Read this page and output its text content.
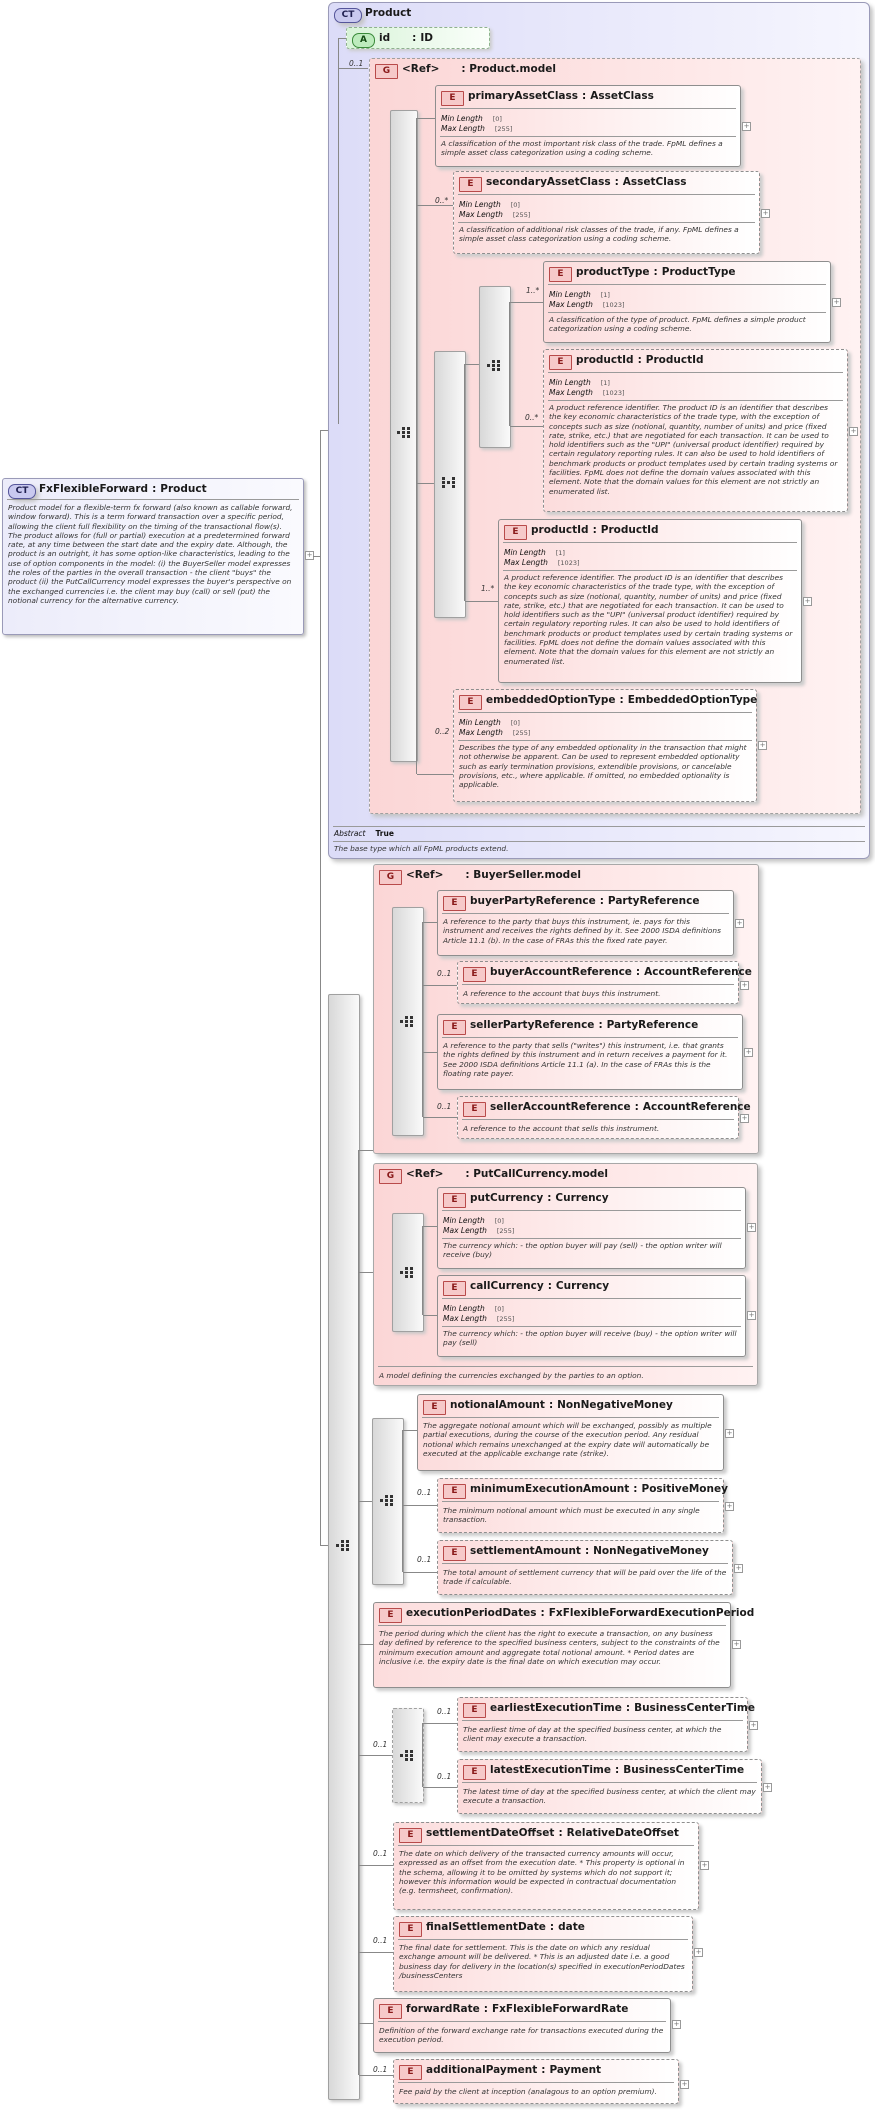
CT	FxFlexibleForward : Product
Product model for a flexible-term fx forward (also known as callable forward, window forward). This is a term forward transaction over a specific period, allowing the client full flexibility on the timing of the transactional flow(s). The product allows for (full or partial) execution at a predetermined forward rate, at any time between the start date and the expiry date. Although, the product is an outright, it has some option-like characteristics, leading to the use of option components in the model: (i) the BuyerSeller model expresses the roles of the parties in the overall transaction - the client "buys" the product (ii) the PutCallCurrency model expresses the buyer's perspective on the exchanged currencies i.e. the client may buy (call) or sell (put) the notional currency for the alternative currency.
+
CT	Product
Abstract True
The base type which all FpML products extend.
A	id : ID
0..1
G	<Ref> : Product.model
E	primaryAssetClass : AssetClass
Min Length [0]
Max Length [255]
A classification of the most important risk class of the trade. FpML defines a simple asset class categorization using a coding scheme.
+
0..*
E	secondaryAssetClass : AssetClass
Min Length [0]
Max Length [255]
A classification of additional risk classes of the trade, if any. FpML defines a simple asset class categorization using a coding scheme.
+
1..*
E	productType : ProductType
Min Length [1]
Max Length [1023]
A classification of the type of product. FpML defines a simple product categorization using a coding scheme.
+
0..*
E	productId : ProductId
Min Length [1]
Max Length [1023]
A product reference identifier. The product ID is an identifier that describes the key economic characteristics of the trade type, with the exception of concepts such as size (notional, quantity, number of units) and price (fixed rate, strike, etc.) that are negotiated for each transaction. It can be used to hold identifiers such as the "UPI" (universal product identifier) required by certain regulatory reporting rules. It can also be used to hold identifiers of benchmark products or product templates used by certain trading systems or facilities. FpML does not define the domain values associated with this element. Note that the domain values for this element are not strictly an enumerated list.
+
1..*
E	productId : ProductId
Min Length [1]
Max Length [1023]
A product reference identifier. The product ID is an identifier that describes the key economic characteristics of the trade type, with the exception of concepts such as size (notional, quantity, number of units) and price (fixed rate, strike, etc.) that are negotiated for each transaction. It can be used to hold identifiers such as the "UPI" (universal product identifier) required by certain regulatory reporting rules. It can also be used to hold identifiers of benchmark products or product templates used by certain trading systems or facilities. FpML does not define the domain values associated with this element. Note that the domain values for this element are not strictly an enumerated list.
+
0..2
E	embeddedOptionType : EmbeddedOptionType
Min Length [0]
Max Length [255]
Describes the type of any embedded optionality in the transaction that might not otherwise be apparent. Can be used to represent embedded optionality such as early termination provisions, extendible provisions, or cancelable provisions, etc., where applicable. If omitted, no embedded optionality is applicable.
+
G	<Ref> : BuyerSeller.model
E	buyerPartyReference : PartyReference
A reference to the party that buys this instrument, ie. pays for this instrument and receives the rights defined by it. See 2000 ISDA definitions Article 11.1 (b). In the case of FRAs this the fixed rate payer.
+
0..1	E	buyerAccountReference : AccountReference
A reference to the account that buys this instrument.
+
E	sellerPartyReference : PartyReference
A reference to the party that sells ("writes") this instrument, i.e. that grants the rights defined by this instrument and in return receives a payment for it. See 2000 ISDA definitions Article 11.1 (a). In the case of FRAs this is the floating rate payer.
+
0..1	E	sellerAccountReference : AccountReference
A reference to the account that sells this instrument.
+
G	<Ref> : PutCallCurrency.model
A model defining the currencies exchanged by the parties to an option.
E	putCurrency : Currency
Min Length [0]
Max Length [255]
The currency which: - the option buyer will pay (sell) - the option writer will receive (buy)
+
E	callCurrency : Currency
Min Length [0]
Max Length [255]
The currency which: - the option buyer will receive (buy) - the option writer will pay (sell)
+
E	notionalAmount : NonNegativeMoney
The aggregate notional amount which will be exchanged, possibly as multiple partial executions, during the course of the execution period. Any residual notional which remains unexchanged at the expiry date will automatically be executed at the applicable exchange rate (strike).
+
0..1	E	minimumExecutionAmount : PositiveMoney
The minimum notional amount which must be executed in any single transaction.
+
0..1
E	settlementAmount : NonNegativeMoney
The total amount of settlement currency that will be paid over the life of the trade if calculable.
+
E	executionPeriodDates : FxFlexibleForwardExecutionPeriod
The period during which the client has the right to execute a transaction, on any business day defined by reference to the specified business centers, subject to the constraints of the minimum execution amount and aggregate total notional amount. * Period dates are inclusive i.e. the expiry date is the final date on which execution may occur.
+
0..1
0..1	E	earliestExecutionTime : BusinessCenterTime
The earliest time of day at the specified business center, at which the client may execute a transaction.
+
0..1	E	latestExecutionTime : BusinessCenterTime
The latest time of day at the specified business center, at which the client may execute a transaction.
+
0..1
E	settlementDateOffset : RelativeDateOffset
The date on which delivery of the transacted currency amounts will occur, expressed as an offset from the execution date. * This property is optional in the schema, allowing it to be omitted by systems which do not support it; however this information would be expected in contractual documentation (e.g. termsheet, confirmation).
+
0..1
E	finalSettlementDate : date
The final date for settlement. This is the date on which any residual exchange amount will be delivered. * This is an adjusted date i.e. a good business day for delivery in the location(s) specified in executionPeriodDates /businessCenters
+
E	forwardRate : FxFlexibleForwardRate
Definition of the forward exchange rate for transactions executed during the execution period.
+
0..1	E	additionalPayment : Payment
Fee paid by the client at inception (analagous to an option premium).
+
